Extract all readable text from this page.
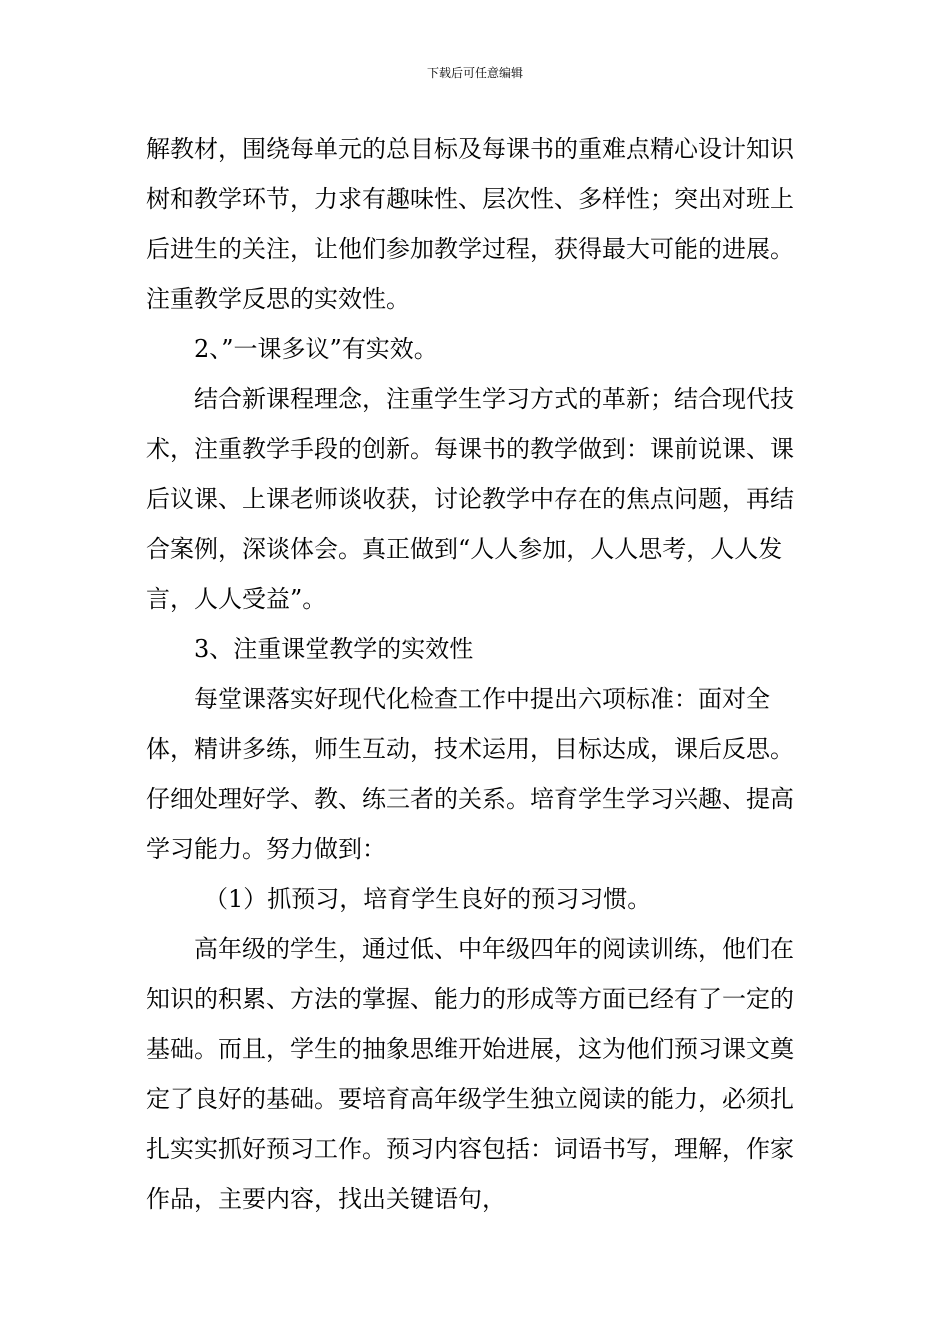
下载后可任意编辑

解教材，围绕每单元的总目标及每课书的重难点精心设计知识树和教学环节，力求有趣味性、层次性、多样性；突出对班上后进生的关注，让他们参加教学过程，获得最大可能的进展。注重教学反思的实效性。

2、”一课多议”有实效。

结合新课程理念，注重学生学习方式的革新；结合现代技术，注重教学手段的创新。每课书的教学做到：课前说课、课后议课、上课老师谈收获，讨论教学中存在的焦点问题，再结合案例，深谈体会。真正做到“人人参加，人人思考，人人发言，人人受益”。

3、注重课堂教学的实效性

每堂课落实好现代化检查工作中提出六项标准：面对全体，精讲多练，师生互动，技术运用，目标达成，课后反思。仔细处理好学、教、练三者的关系。培育学生学习兴趣、提高学习能力。努力做到：

（1）抓预习，培育学生良好的预习习惯。

高年级的学生，通过低、中年级四年的阅读训练，他们在知识的积累、方法的掌握、能力的形成等方面已经有了一定的基础。而且，学生的抽象思维开始进展，这为他们预习课文奠定了良好的基础。要培育高年级学生独立阅读的能力，必须扎扎实实抓好预习工作。预习内容包括：词语书写，理解，作家作品，主要内容，找出关键语句，
